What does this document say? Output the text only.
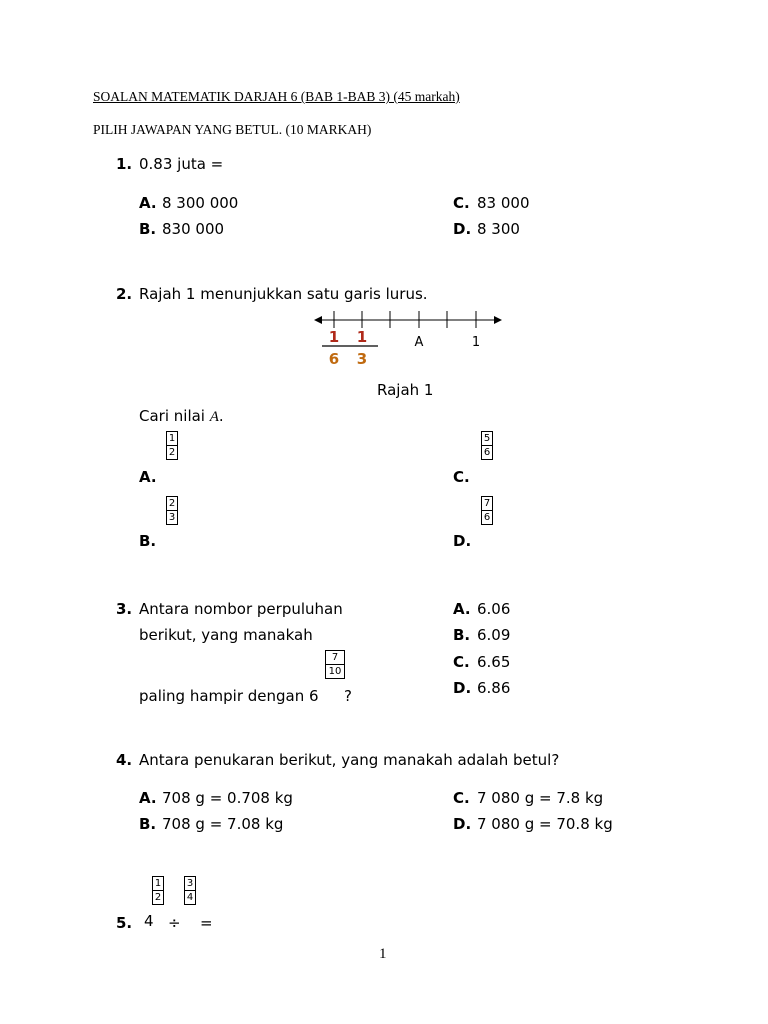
SOALAN MATEMATIK DARJAH 6 (BAB 1-BAB 3) (45 markah)
PILIH JAWAPAN YANG BETUL. (10 MARKAH)
1. 0.83 juta =
A. 8 300 000
B. 830 000
C. 83 000
D. 8 300
2. Rajah 1 menunjukkan satu garis lurus.
1 1
6 3
A	1
Rajah 1
Cari nilai A.
$\frac{1}{2}$
A.
$\frac{2}{3}$
B.
$\frac{5}{6}$
C.
$\frac{7}{6}$
D.
3. Antara nombor perpuluhan
berikut, yang manakah
$\frac{7}{10}$
paling hampir dengan 6 ?
A. 6.06
B. 6.09
C. 6.65
D. 6.86
4. Antara penukaran berikut, yang manakah adalah betul?
A. 708 g = 0.708 kg
B. 708 g = 7.08 kg
C. 7 080 g = 7.8 kg
D. 7 080 g = 70.8 kg
5. 4
$\frac{1}{2}$
÷
$\frac{3}{4}$
=
1
